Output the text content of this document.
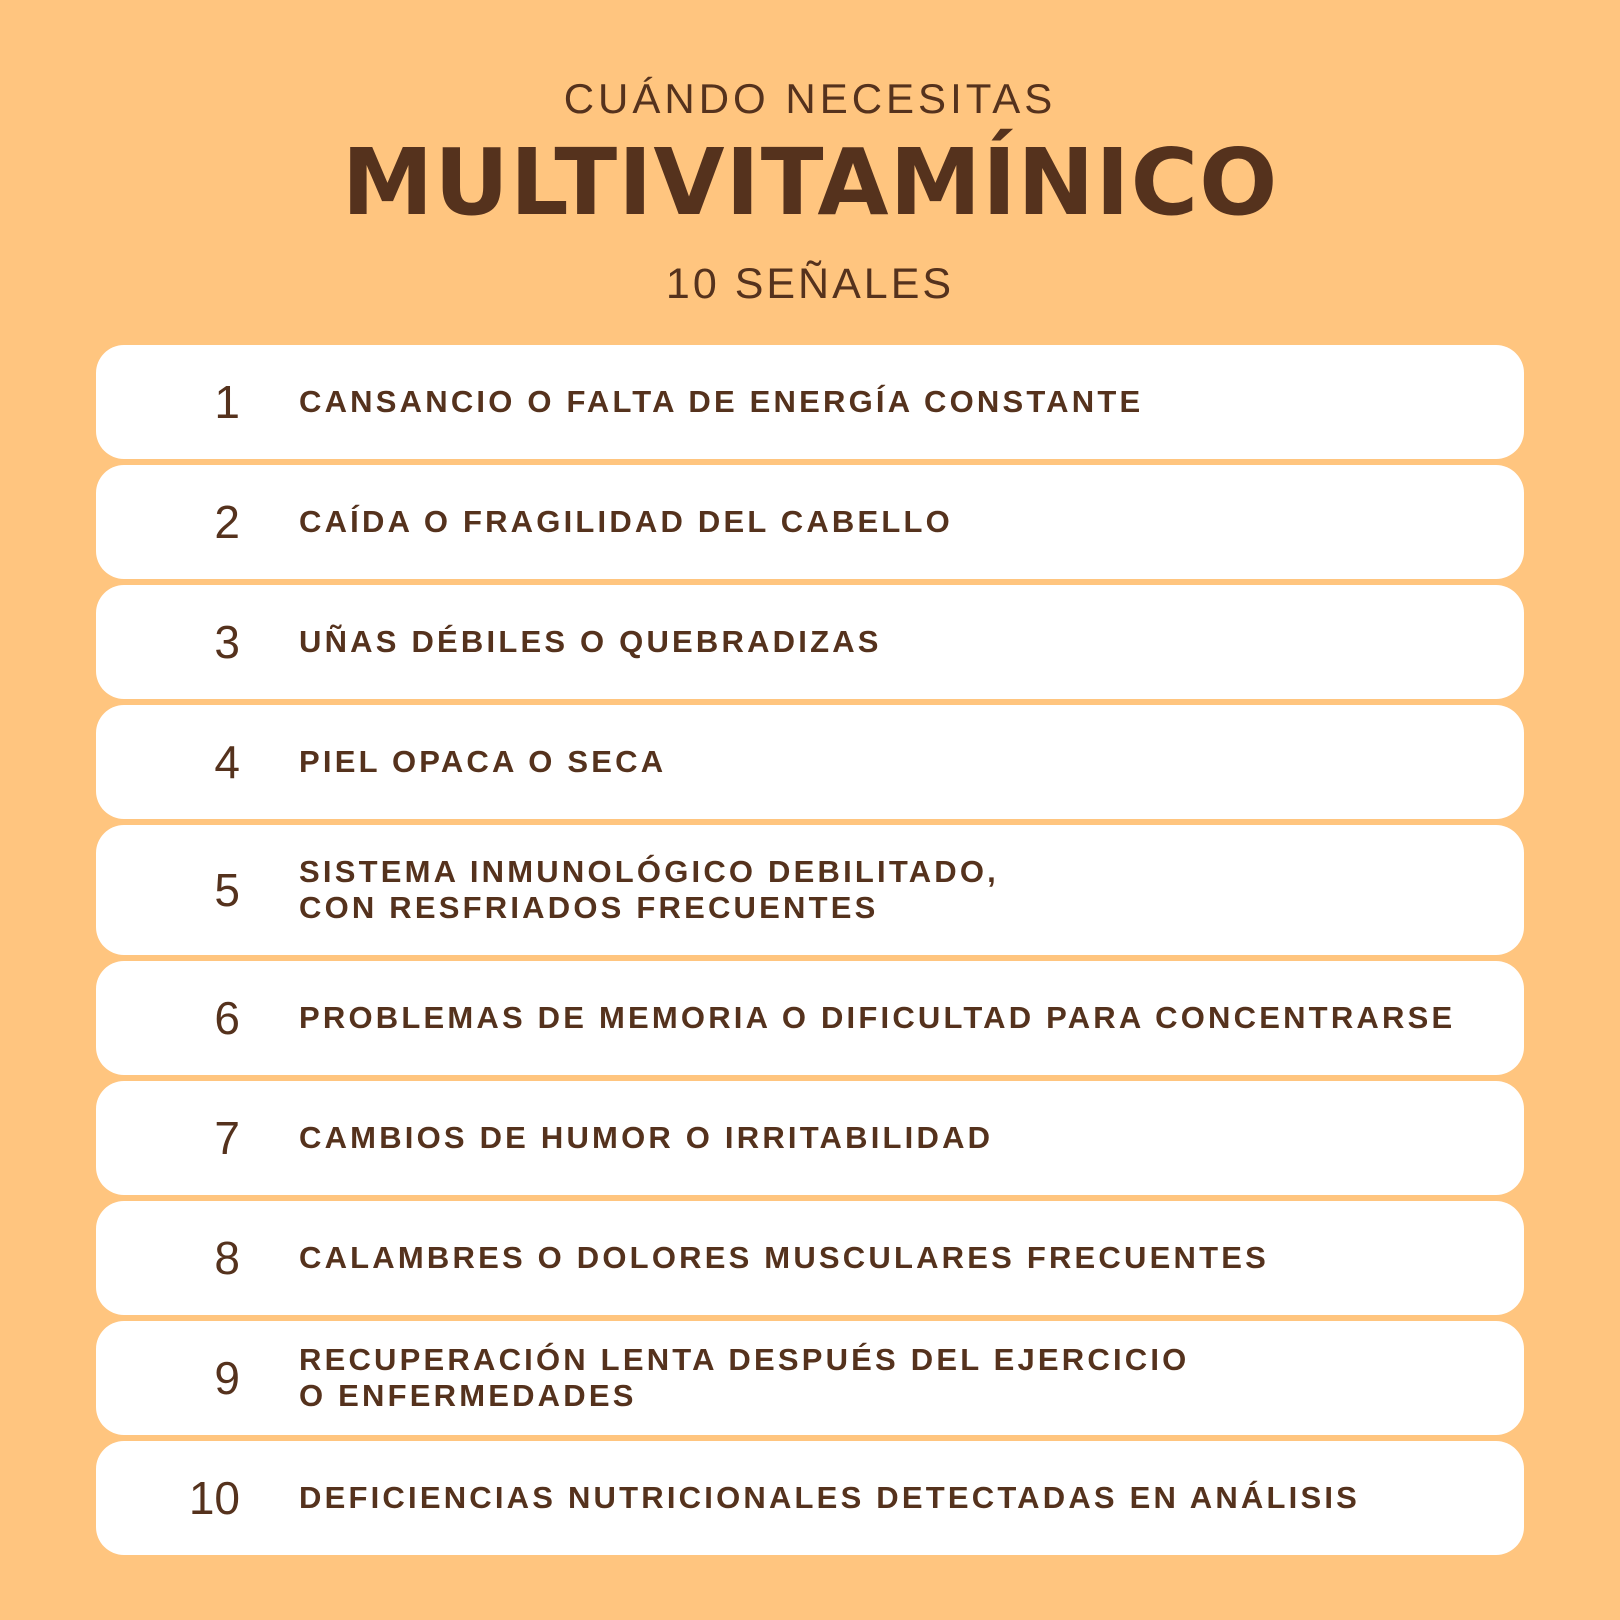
CUÁNDO NECESITAS
MULTIVITAMÍNICO
10 SEÑALES
1 CANSANCIO O FALTA DE ENERGÍA CONSTANTE
2 CAÍDA O FRAGILIDAD DEL CABELLO
3 UÑAS DÉBILES O QUEBRADIZAS
4 PIEL OPACA O SECA
5 SISTEMA INMUNOLÓGICO DEBILITADO,
CON RESFRIADOS FRECUENTES
6 PROBLEMAS DE MEMORIA O DIFICULTAD PARA CONCENTRARSE
7 CAMBIOS DE HUMOR O IRRITABILIDAD
8 CALAMBRES O DOLORES MUSCULARES FRECUENTES
9 RECUPERACIÓN LENTA DESPUÉS DEL EJERCICIO
O ENFERMEDADES
10 DEFICIENCIAS NUTRICIONALES DETECTADAS EN ANÁLISIS
